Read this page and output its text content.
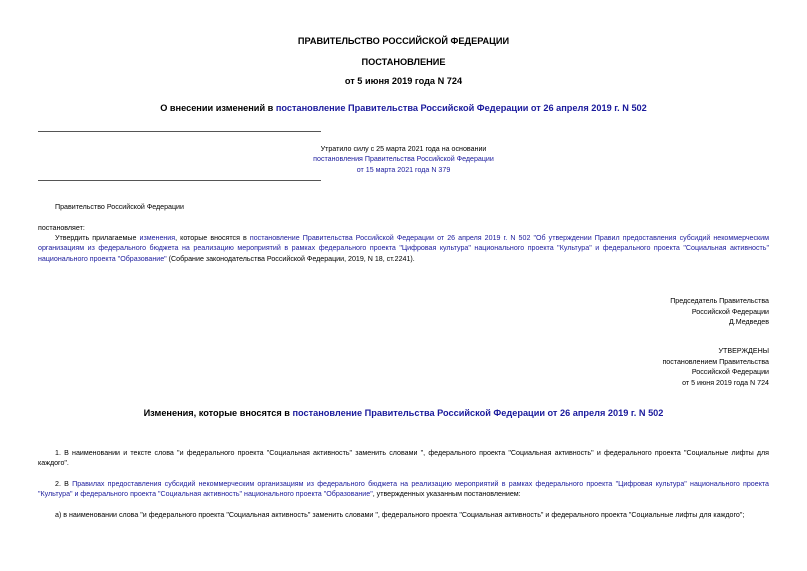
ПРАВИТЕЛЬСТВО РОССИЙСКОЙ ФЕДЕРАЦИИ
ПОСТАНОВЛЕНИЕ
от 5 июня 2019 года N 724
О внесении изменений в постановление Правительства Российской Федерации от 26 апреля 2019 г. N 502
Утратило силу с 25 марта 2021 года на основании
постановления Правительства Российской Федерации
от 15 марта 2021 года N 379
Правительство Российской Федерации
постановляет:
Утвердить прилагаемые изменения, которые вносятся в постановление Правительства Российской Федерации от 26 апреля 2019 г. N 502 "Об утверждении Правил предоставления субсидий некоммерческим организациям из федерального бюджета на реализацию мероприятий в рамках федерального проекта "Цифровая культура" национального проекта "Культура" и федерального проекта "Социальная активность" национального проекта "Образование" (Собрание законодательства Российской Федерации, 2019, N 18, ст.2241).
Председатель Правительства
Российской Федерации
Д.Медведев
УТВЕРЖДЕНЫ
постановлением Правительства
Российской Федерации
от 5 июня 2019 года N 724
Изменения, которые вносятся в постановление Правительства Российской Федерации от 26 апреля 2019 г. N 502
1. В наименовании и тексте слова "и федерального проекта "Социальная активность" заменить словами ", федерального проекта "Социальная активность" и федерального проекта "Социальные лифты для каждого".
2. В Правилах предоставления субсидий некоммерческим организациям из федерального бюджета на реализацию мероприятий в рамках федерального проекта "Цифровая культура" национального проекта "Культура" и федерального проекта "Социальная активность" национального проекта "Образование", утвержденных указанным постановлением:
а) в наименовании слова "и федерального проекта "Социальная активность" заменить словами ", федерального проекта "Социальная активность" и федерального проекта "Социальные лифты для каждого";
